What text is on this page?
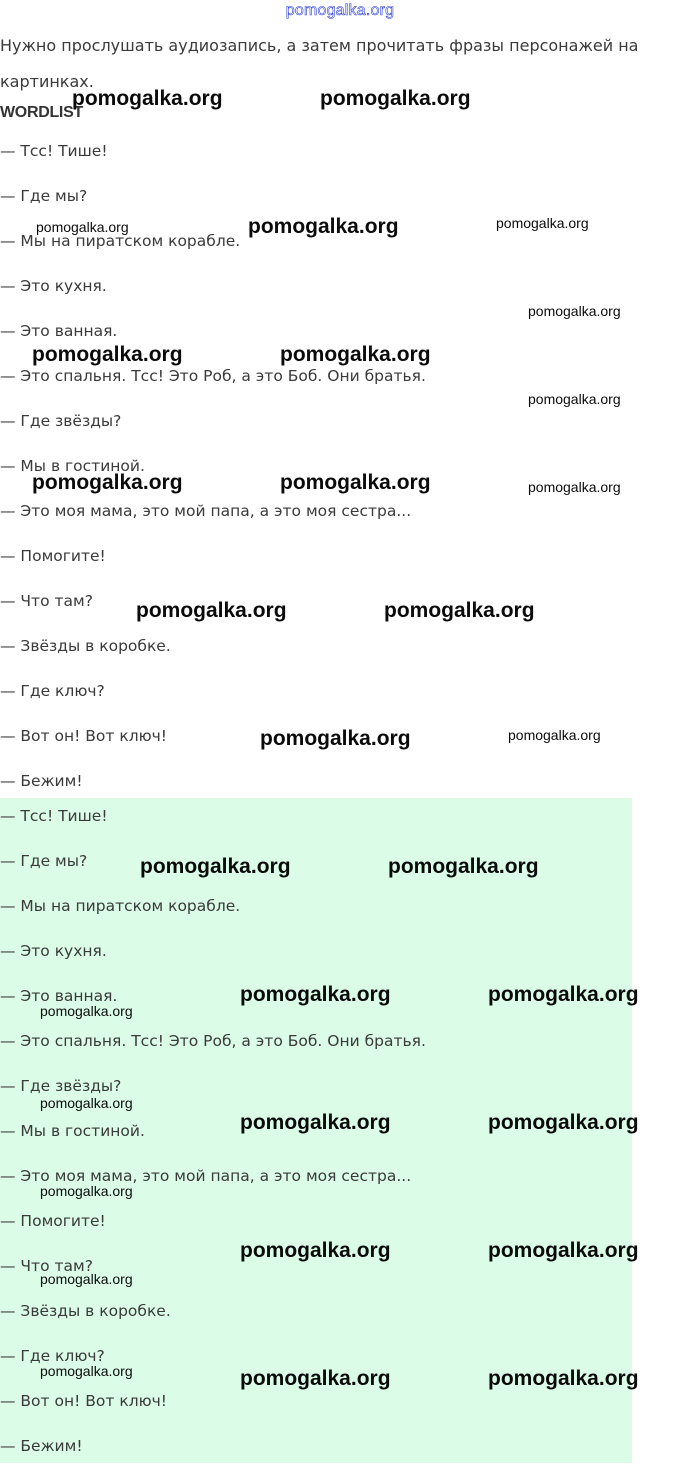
pomogalka.org
Нужно прослушать аудиозапись, а затем прочитать фразы персонажей на картинках.
WORDLIST
— Тсс! Тише!
— Где мы?
— Мы на пиратском корабле.
— Это кухня.
— Это ванная.
— Это спальня. Тсс! Это Роб, а это Боб. Они братья.
— Где звёзды?
— Мы в гостиной.
— Это моя мама, это мой папа, а это моя сестра...
— Помогите!
— Что там?
— Звёзды в коробке.
— Где ключ?
— Вот он! Вот ключ!
— Бежим!
— Тсс! Тише!
— Где мы?
— Мы на пиратском корабле.
— Это кухня.
— Это ванная.
— Это спальня. Тсс! Это Роб, а это Боб. Они братья.
— Где звёзды?
— Мы в гостиной.
— Это моя мама, это мой папа, а это моя сестра...
— Помогите!
— Что там?
— Звёзды в коробке.
— Где ключ?
— Вот он! Вот ключ!
— Бежим!
pomogalka.org	pomogalka.org
pomogalka.org	pomogalka.org	pomogalka.org
pomogalka.org
pomogalka.org	pomogalka.org
pomogalka.org
pomogalka.org	pomogalka.org	pomogalka.org
pomogalka.org	pomogalka.org
pomogalka.org	pomogalka.org
pomogalka.org	pomogalka.org
pomogalka.org	pomogalka.org
pomogalka.org
pomogalka.org
pomogalka.org	pomogalka.org
pomogalka.org
pomogalka.org	pomogalka.org
pomogalka.org
pomogalka.org	pomogalka.org	pomogalka.org
